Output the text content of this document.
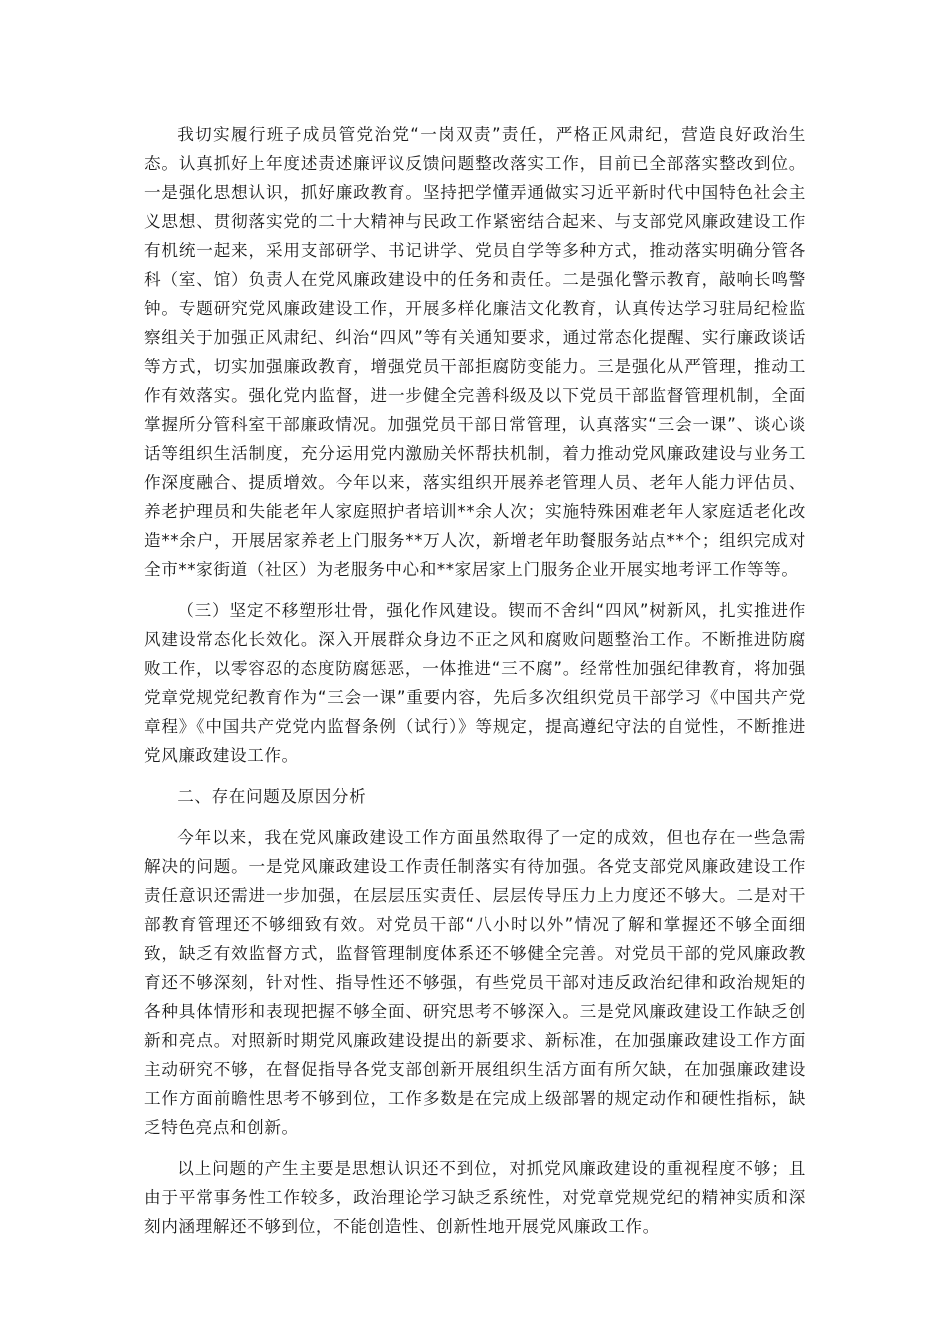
我切实履行班子成员管党治党“一岗双责”责任，严格正风肃纪，营造良好政治生态。认真抓好上年度述责述廉评议反馈问题整改落实工作，目前已全部落实整改到位。一是强化思想认识，抓好廉政教育。坚持把学懂弄通做实习近平新时代中国特色社会主义思想、贯彻落实党的二十大精神与民政工作紧密结合起来、与支部党风廉政建设工作有机统一起来，采用支部研学、书记讲学、党员自学等多种方式，推动落实明确分管各科（室、馆）负责人在党风廉政建设中的任务和责任。二是强化警示教育，敲响长鸣警钟。专题研究党风廉政建设工作，开展多样化廉洁文化教育，认真传达学习驻局纪检监察组关于加强正风肃纪、纠治“四风”等有关通知要求，通过常态化提醒、实行廉政谈话等方式，切实加强廉政教育，增强党员干部拒腐防变能力。三是强化从严管理，推动工作有效落实。强化党内监督，进一步健全完善科级及以下党员干部监督管理机制，全面掌握所分管科室干部廉政情况。加强党员干部日常管理，认真落实“三会一课”、谈心谈话等组织生活制度，充分运用党内激励关怀帮扶机制，着力推动党风廉政建设与业务工作深度融合、提质增效。今年以来，落实组织开展养老管理人员、老年人能力评估员、养老护理员和失能老年人家庭照护者培训**余人次；实施特殊困难老年人家庭适老化改造**余户，开展居家养老上门服务**万人次，新增老年助餐服务站点**个；组织完成对全市**家街道（社区）为老服务中心和**家居家上门服务企业开展实地考评工作等等。

（三）坚定不移塑形壮骨，强化作风建设。锲而不舍纠“四风”树新风，扎实推进作风建设常态化长效化。深入开展群众身边不正之风和腐败问题整治工作。不断推进防腐败工作，以零容忍的态度防腐惩恶，一体推进“三不腐”。经常性加强纪律教育，将加强党章党规党纪教育作为“三会一课”重要内容，先后多次组织党员干部学习《中国共产党章程》《中国共产党党内监督条例（试行）》等规定，提高遵纪守法的自觉性，不断推进党风廉政建设工作。

二、存在问题及原因分析

今年以来，我在党风廉政建设工作方面虽然取得了一定的成效，但也存在一些急需解决的问题。一是党风廉政建设工作责任制落实有待加强。各党支部党风廉政建设工作责任意识还需进一步加强，在层层压实责任、层层传导压力上力度还不够大。二是对干部教育管理还不够细致有效。对党员干部“八小时以外”情况了解和掌握还不够全面细致，缺乏有效监督方式，监督管理制度体系还不够健全完善。对党员干部的党风廉政教育还不够深刻，针对性、指导性还不够强，有些党员干部对违反政治纪律和政治规矩的各种具体情形和表现把握不够全面、研究思考不够深入。三是党风廉政建设工作缺乏创新和亮点。对照新时期党风廉政建设提出的新要求、新标准，在加强廉政建设工作方面主动研究不够，在督促指导各党支部创新开展组织生活方面有所欠缺，在加强廉政建设工作方面前瞻性思考不够到位，工作多数是在完成上级部署的规定动作和硬性指标，缺乏特色亮点和创新。

以上问题的产生主要是思想认识还不到位，对抓党风廉政建设的重视程度不够；且由于平常事务性工作较多，政治理论学习缺乏系统性，对党章党规党纪的精神实质和深刻内涵理解还不够到位，不能创造性、创新性地开展党风廉政工作。
